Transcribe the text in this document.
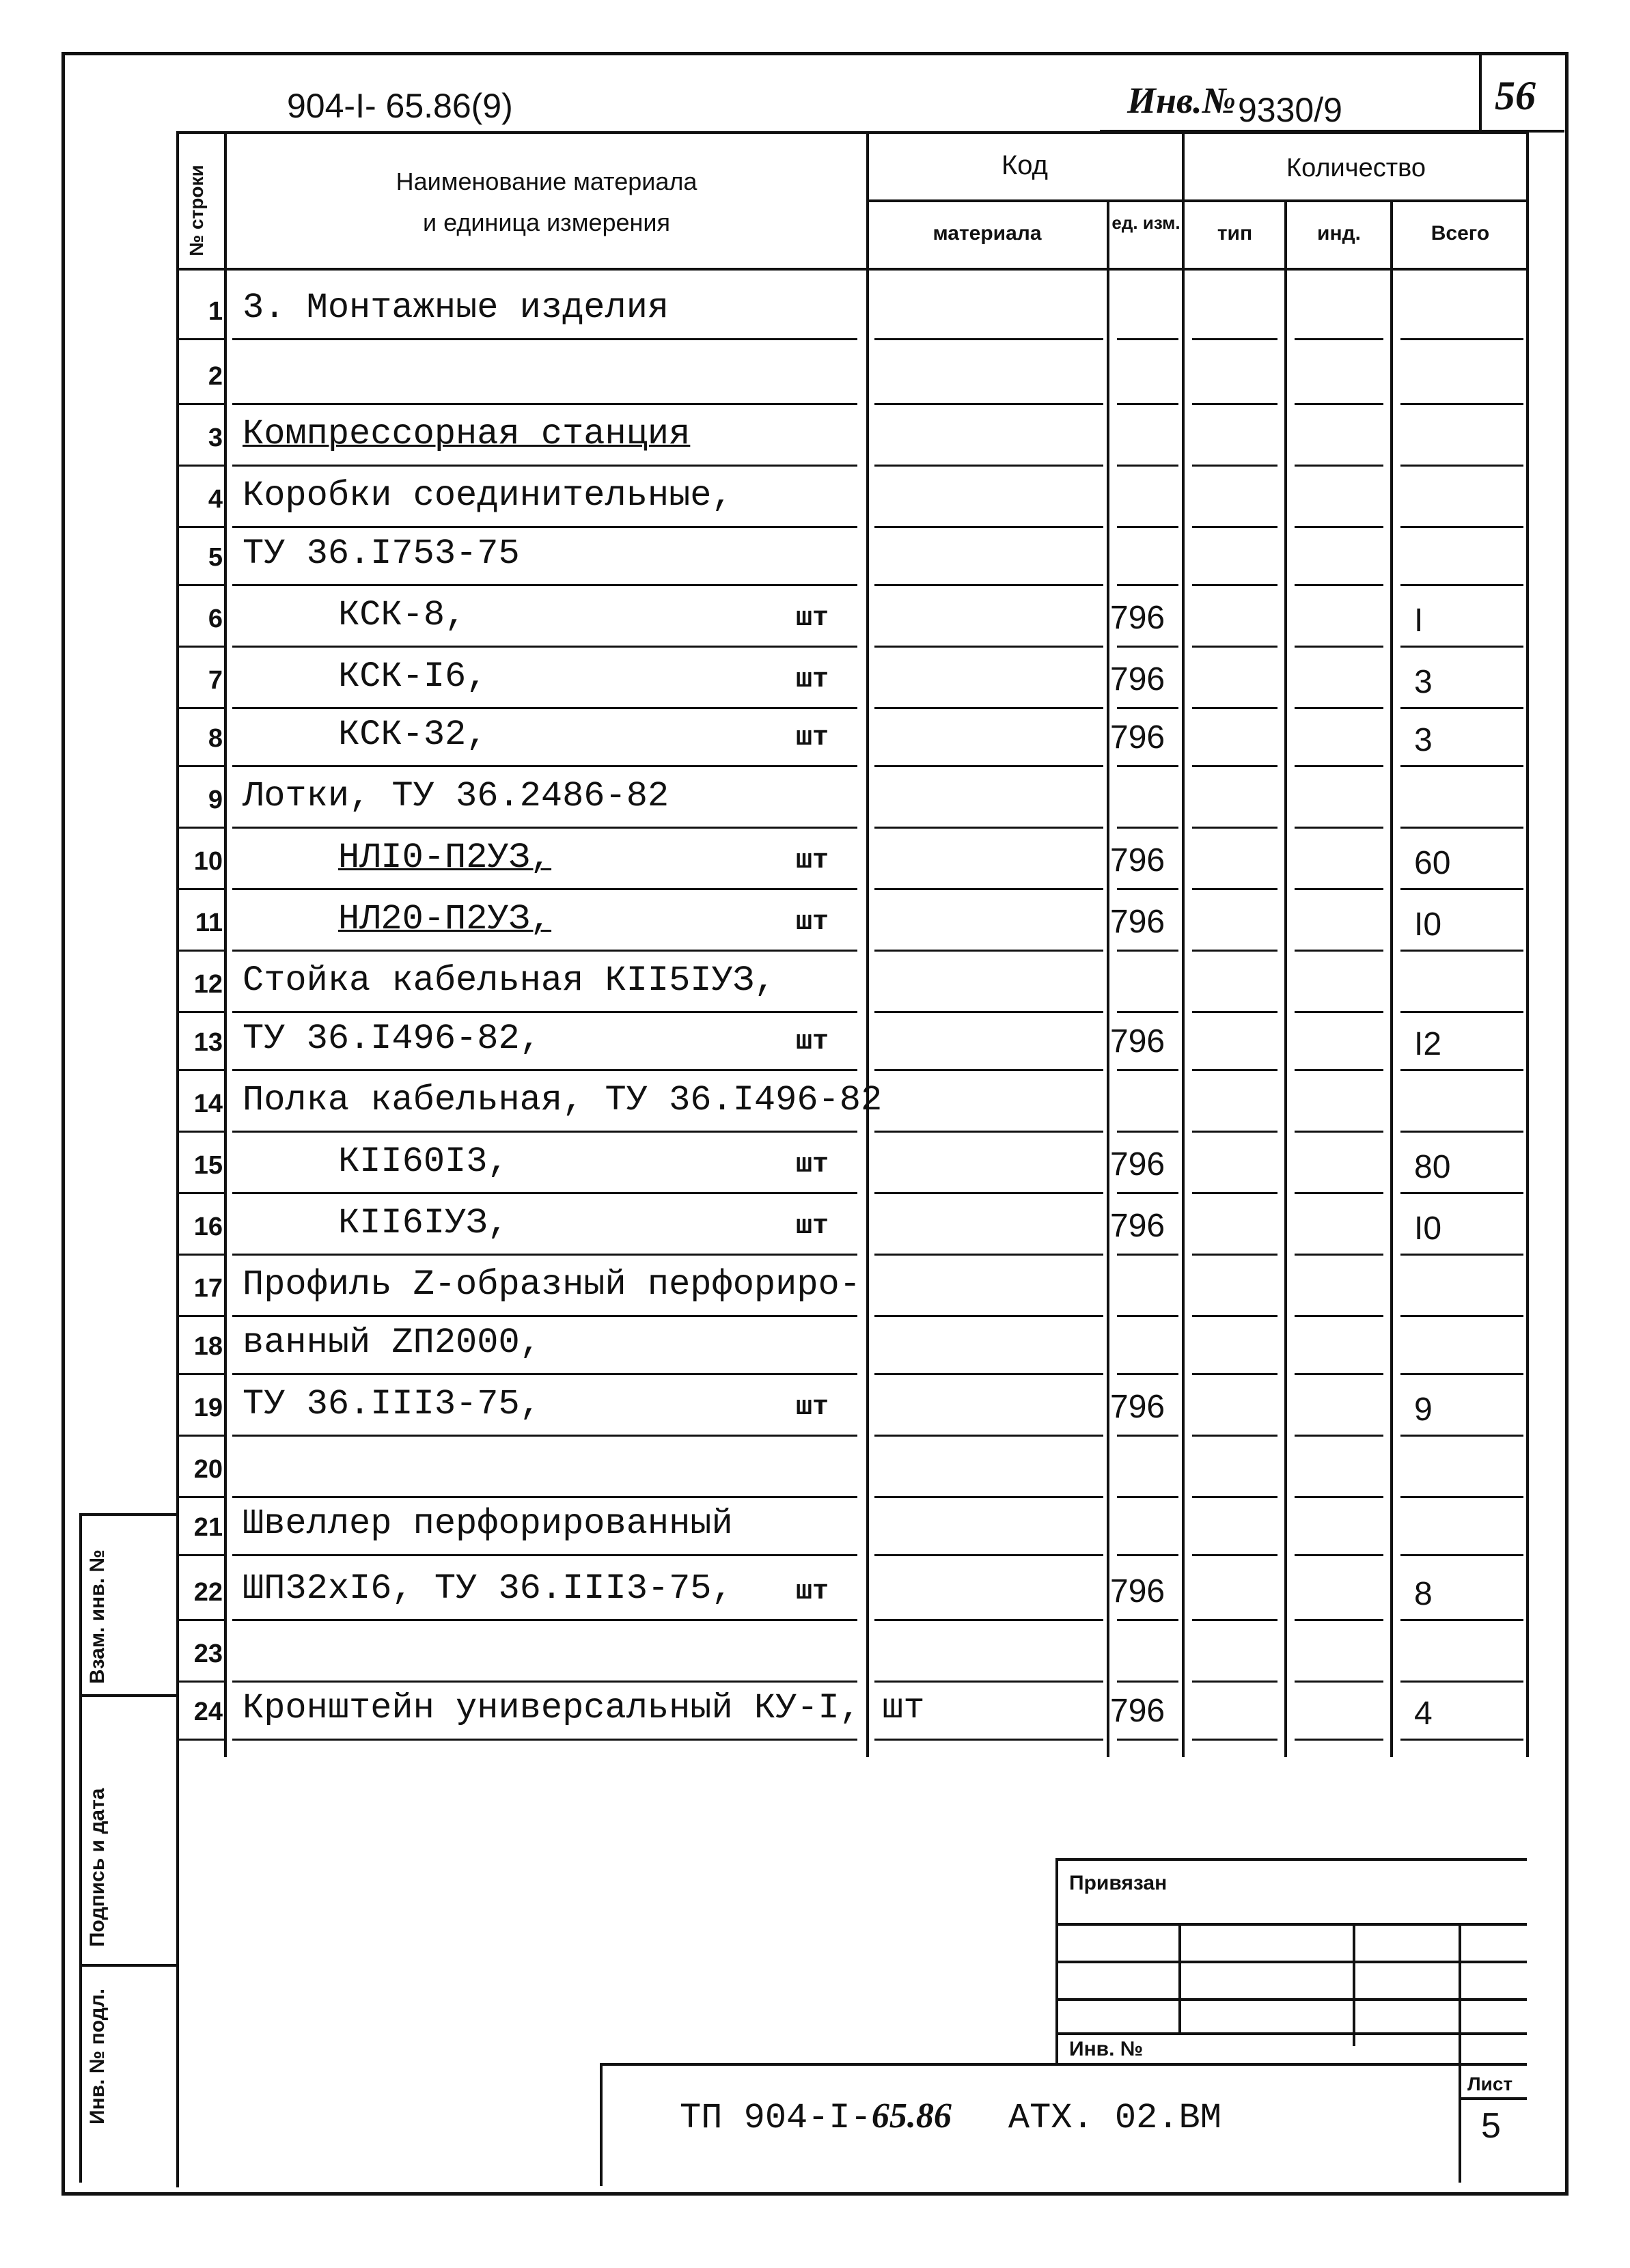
904-I- 65.86(9)	Инв.№ 9330/9	56
№ строки	Наименование материала
и единица измерения
Код
материала	ед. изм.
Количество
тип	инд.	Всего
1 3. Монтажные изделия
2
3 Компрессорная станция
4 Коробки соединительные,
5 ТУ 36.I753-75
6	КСК-8,	шт	796	I
7	КСК-I6,	шт	796	3
8	КСК-32,	шт	796	3
9 Лотки, ТУ 36.2486-82
10	НЛI0-П2УЗ,	шт	796	60
11	НЛ20-П2УЗ,	шт	796	I0
12 Стойка кабельная КII5IУЗ,
13 ТУ 36.I496-82,	шт	796	I2
14 Полка кабельная, ТУ 36.I496-82
15	КII60I3,	шт	796	80
16	КII6IУЗ,	шт	796	I0
17 Профиль Z-образный перфориро-
18 ванный ZП2000,
19 ТУ 36.III3-75,	шт	796	9
20
21 Швеллер перфорированный
22 ШП32хI6, ТУ 36.III3-75, шт	796	8
23
24 Кронштейн универсальный КУ-I, шт	796	4
Взам. инв. №
Подпись и дата
Инв. № подл.
Привязан
Инв. №
ТП 904-I-65.86 АТХ. 02.ВМ
Лист
5
